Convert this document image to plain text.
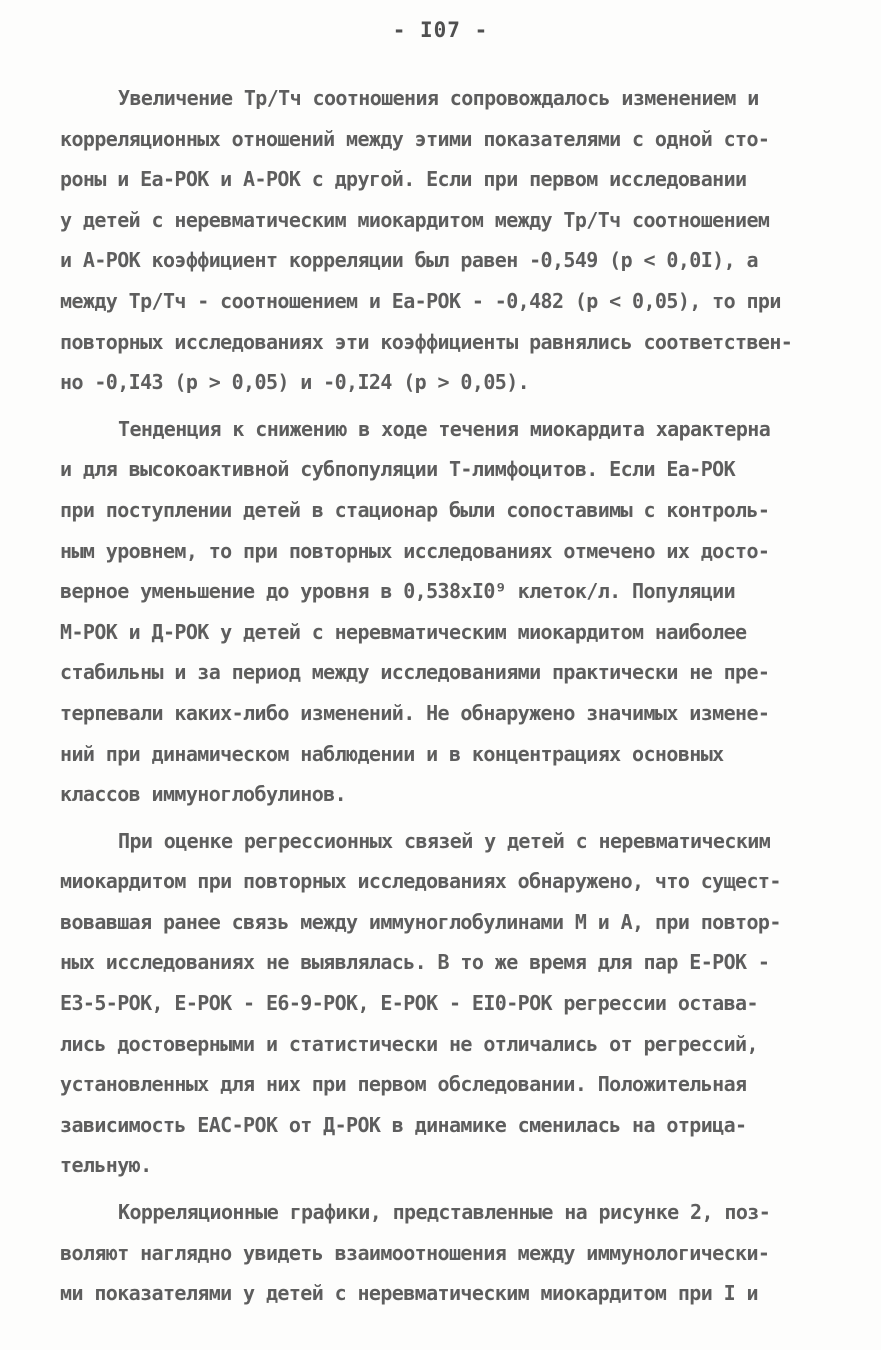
- I07 -
Увеличение Tp/Tч соотношения сопровождалось изменением и
корреляционных отношений между этими показателями с одной сто-
роны и Ea-РОК и А-РОК с другой. Если при первом исследовании
у детей с неревматическим миокардитом между Tp/Tч соотношением
и А-РОК коэффициент корреляции был равен -0,549 (p < 0,0I), а
между Tp/Tч - соотношением и Ea-РОК - -0,482 (p < 0,05), то при
повторных исследованиях эти коэффициенты равнялись соответствен-
но -0,I43 (p > 0,05) и -0,I24 (p > 0,05).
Тенденция к снижению в ходе течения миокардита характерна
и для высокоактивной субпопуляции Т-лимфоцитов. Если Ea-РОК
при поступлении детей в стационар были сопоставимы с контроль-
ным уровнем, то при повторных исследованиях отмечено их досто-
верное уменьшение до уровня в 0,538xI0⁹ клеток/л. Популяции
М-РОК и Д-РОК у детей с неревматическим миокардитом наиболее
стабильны и за период между исследованиями практически не пре-
терпевали каких-либо изменений. Не обнаружено значимых измене-
ний при динамическом наблюдении и в концентрациях основных
классов иммуноглобулинов.
При оценке регрессионных связей у детей с неревматическим
миокардитом при повторных исследованиях обнаружено, что сущест-
вовавшая ранее связь между иммуноглобулинами М и А, при повтор-
ных исследованиях не выявлялась. В то же время для пар Е-РОК -
E3-5-РОК, Е-РОК - E6-9-РОК, Е-РОК - EI0-РОК регрессии остава-
лись достоверными и статистически не отличались от регрессий,
установленных для них при первом обследовании. Положительная
зависимость ЕАС-РОК от Д-РОК в динамике сменилась на отрица-
тельную.
Корреляционные графики, представленные на рисунке 2, поз-
воляют наглядно увидеть взаимоотношения между иммунологически-
ми показателями у детей с неревматическим миокардитом при I и
